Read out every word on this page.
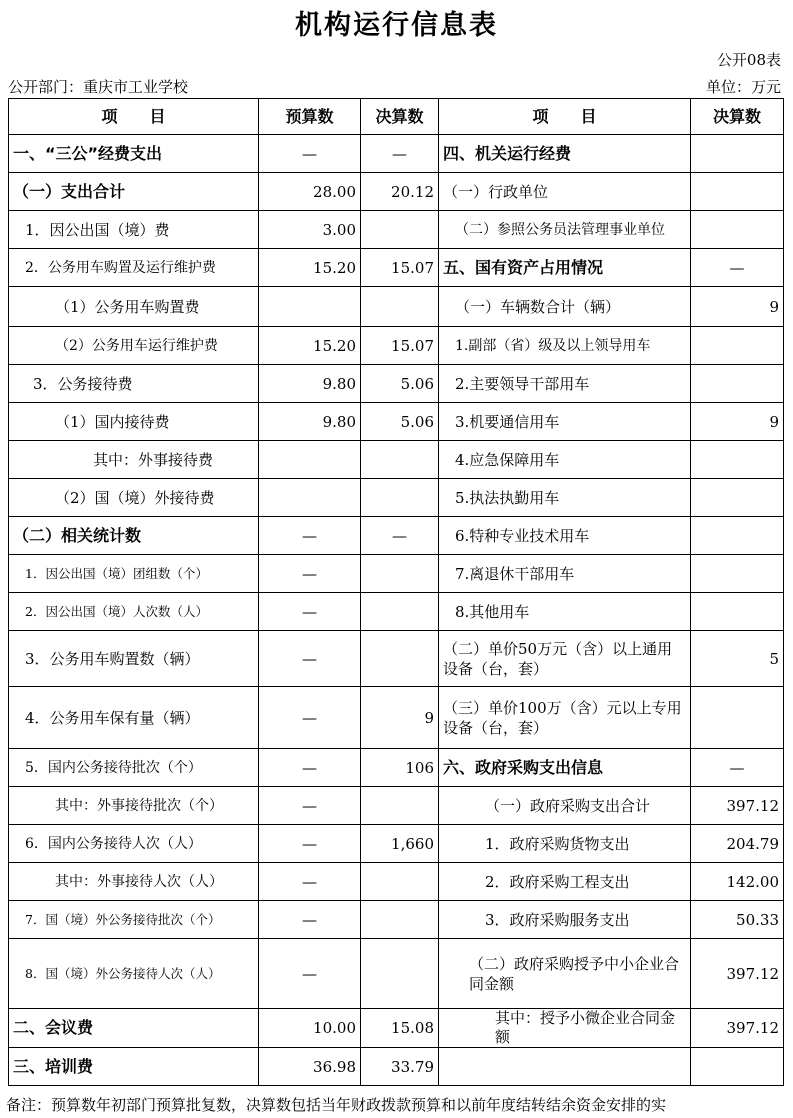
机构运行信息表
公开08表
公开部门：重庆市工业学校	单位：万元
项　　目	预算数	决算数	项　　目	决算数
一、“三公”经费支出	—	—	四、机关运行经费	
（一）支出合计	28.00	20.12	（一）行政单位	
1．因公出国（境）费	3.00		（二）参照公务员法管理事业单位	
2．公务用车购置及运行维护费	15.20	15.07	五、国有资产占用情况	—
（1）公务用车购置费			（一）车辆数合计（辆）	9
（2）公务用车运行维护费	15.20	15.07	1.副部（省）级及以上领导用车	
3．公务接待费	9.80	5.06	2.主要领导干部用车	
（1）国内接待费	9.80	5.06	3.机要通信用车	9
其中：外事接待费			4.应急保障用车	
（2）国（境）外接待费			5.执法执勤用车	
（二）相关统计数	—	—	6.特种专业技术用车	
1．因公出国（境）团组数（个）	—		7.离退休干部用车	
2．因公出国（境）人次数（人）	—		8.其他用车	
3．公务用车购置数（辆）	—		（二）单价50万元（含）以上通用设备（台，套）	5
4．公务用车保有量（辆）	—	9	（三）单价100万（含）元以上专用设备（台，套）	
5．国内公务接待批次（个）	—	106	六、政府采购支出信息	—
其中：外事接待批次（个）	—		（一）政府采购支出合计	397.12
6．国内公务接待人次（人）	—	1,660	1．政府采购货物支出	204.79
其中：外事接待人次（人）	—		2．政府采购工程支出	142.00
7．国（境）外公务接待批次（个）	—		3．政府采购服务支出	50.33
8．国（境）外公务接待人次（人）	—		（二）政府采购授予中小企业合同金额	397.12
二、会议费	10.00	15.08	其中：授予小微企业合同金额	397.12
三、培训费	36.98	33.79		
备注：预算数年初部门预算批复数，决算数包括当年财政拨款预算和以前年度结转结余资金安排的实
